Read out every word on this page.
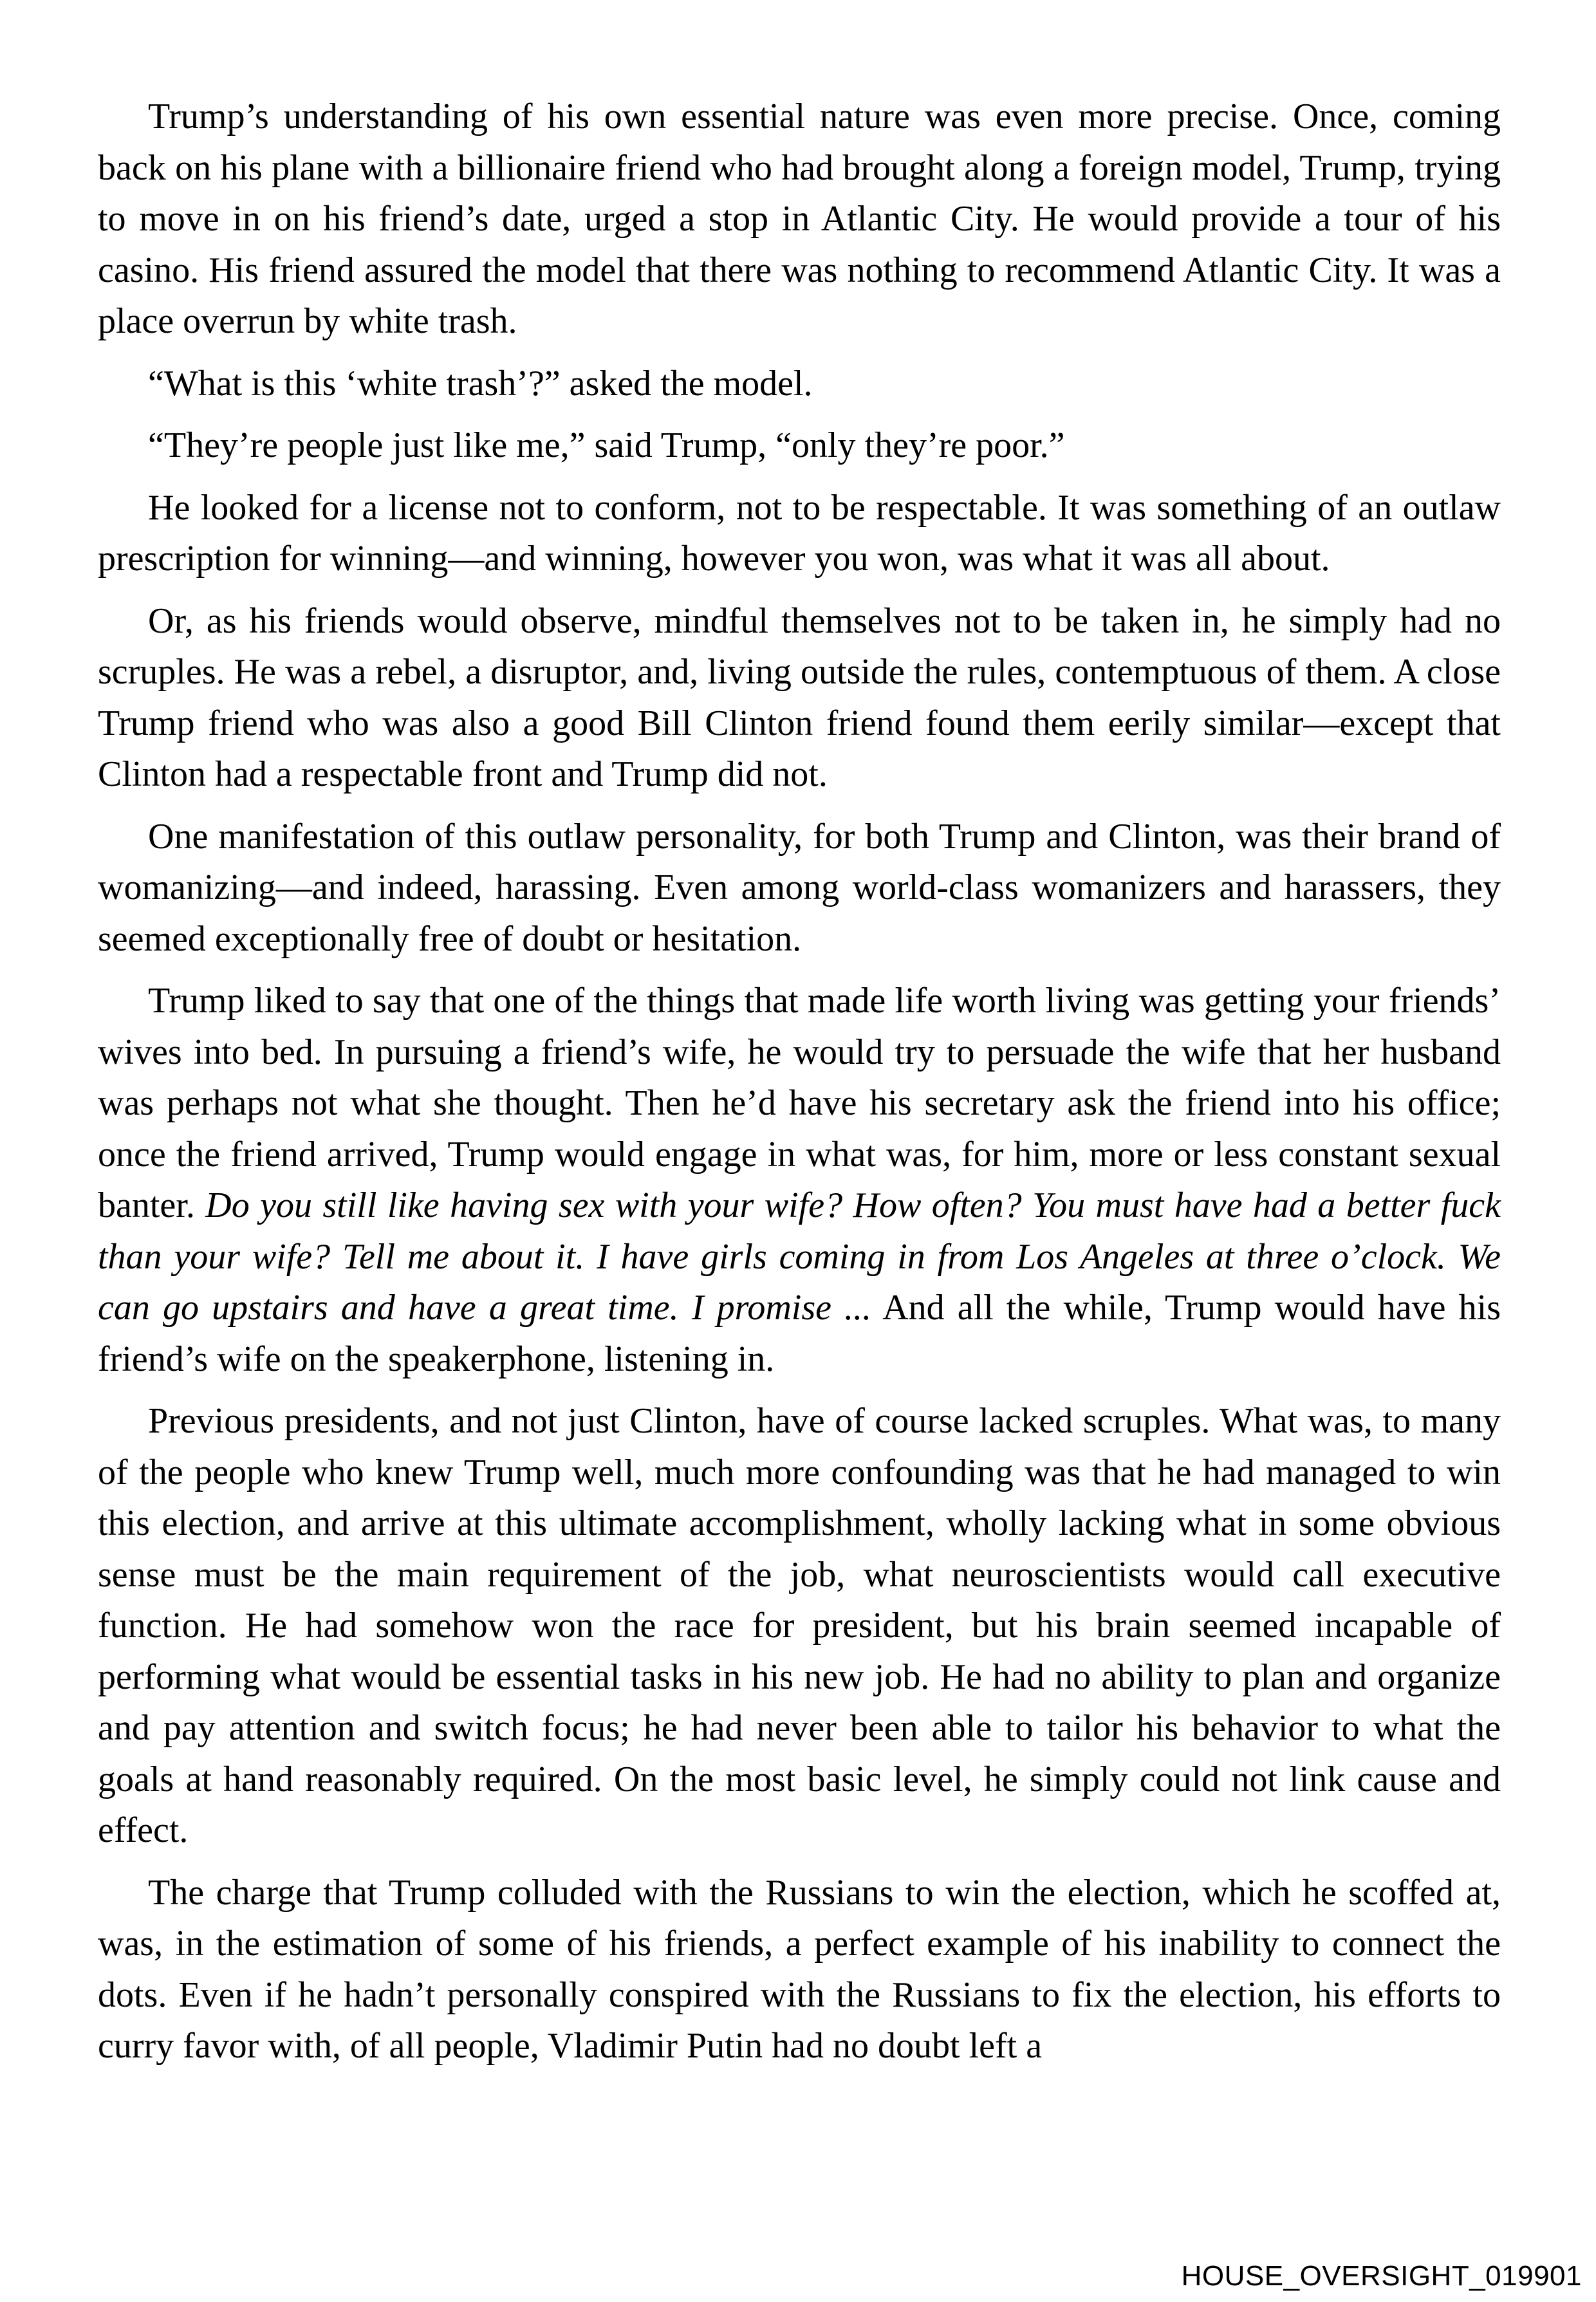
Trump’s understanding of his own essential nature was even more precise. Once, coming back on his plane with a billionaire friend who had brought along a foreign model, Trump, trying to move in on his friend’s date, urged a stop in Atlantic City. He would provide a tour of his casino. His friend assured the model that there was nothing to recommend Atlantic City. It was a place overrun by white trash.

“What is this ‘white trash’?” asked the model.

“They’re people just like me,” said Trump, “only they’re poor.”

He looked for a license not to conform, not to be respectable. It was something of an outlaw prescription for winning—and winning, however you won, was what it was all about.

Or, as his friends would observe, mindful themselves not to be taken in, he simply had no scruples. He was a rebel, a disruptor, and, living outside the rules, contemptuous of them. A close Trump friend who was also a good Bill Clinton friend found them eerily similar—except that Clinton had a respectable front and Trump did not.

One manifestation of this outlaw personality, for both Trump and Clinton, was their brand of womanizing—and indeed, harassing. Even among world-class womanizers and harassers, they seemed exceptionally free of doubt or hesitation.

Trump liked to say that one of the things that made life worth living was getting your friends’ wives into bed. In pursuing a friend’s wife, he would try to persuade the wife that her husband was perhaps not what she thought. Then he’d have his secretary ask the friend into his office; once the friend arrived, Trump would engage in what was, for him, more or less constant sexual banter. Do you still like having sex with your wife? How often? You must have had a better fuck than your wife? Tell me about it. I have girls coming in from Los Angeles at three o’clock. We can go upstairs and have a great time. I promise ... And all the while, Trump would have his friend’s wife on the speakerphone, listening in.

Previous presidents, and not just Clinton, have of course lacked scruples. What was, to many of the people who knew Trump well, much more confounding was that he had managed to win this election, and arrive at this ultimate accomplishment, wholly lacking what in some obvious sense must be the main requirement of the job, what neuroscientists would call executive function. He had somehow won the race for president, but his brain seemed incapable of performing what would be essential tasks in his new job. He had no ability to plan and organize and pay attention and switch focus; he had never been able to tailor his behavior to what the goals at hand reasonably required. On the most basic level, he simply could not link cause and effect.

The charge that Trump colluded with the Russians to win the election, which he scoffed at, was, in the estimation of some of his friends, a perfect example of his inability to connect the dots. Even if he hadn’t personally conspired with the Russians to fix the election, his efforts to curry favor with, of all people, Vladimir Putin had no doubt left a

HOUSE_OVERSIGHT_019901
